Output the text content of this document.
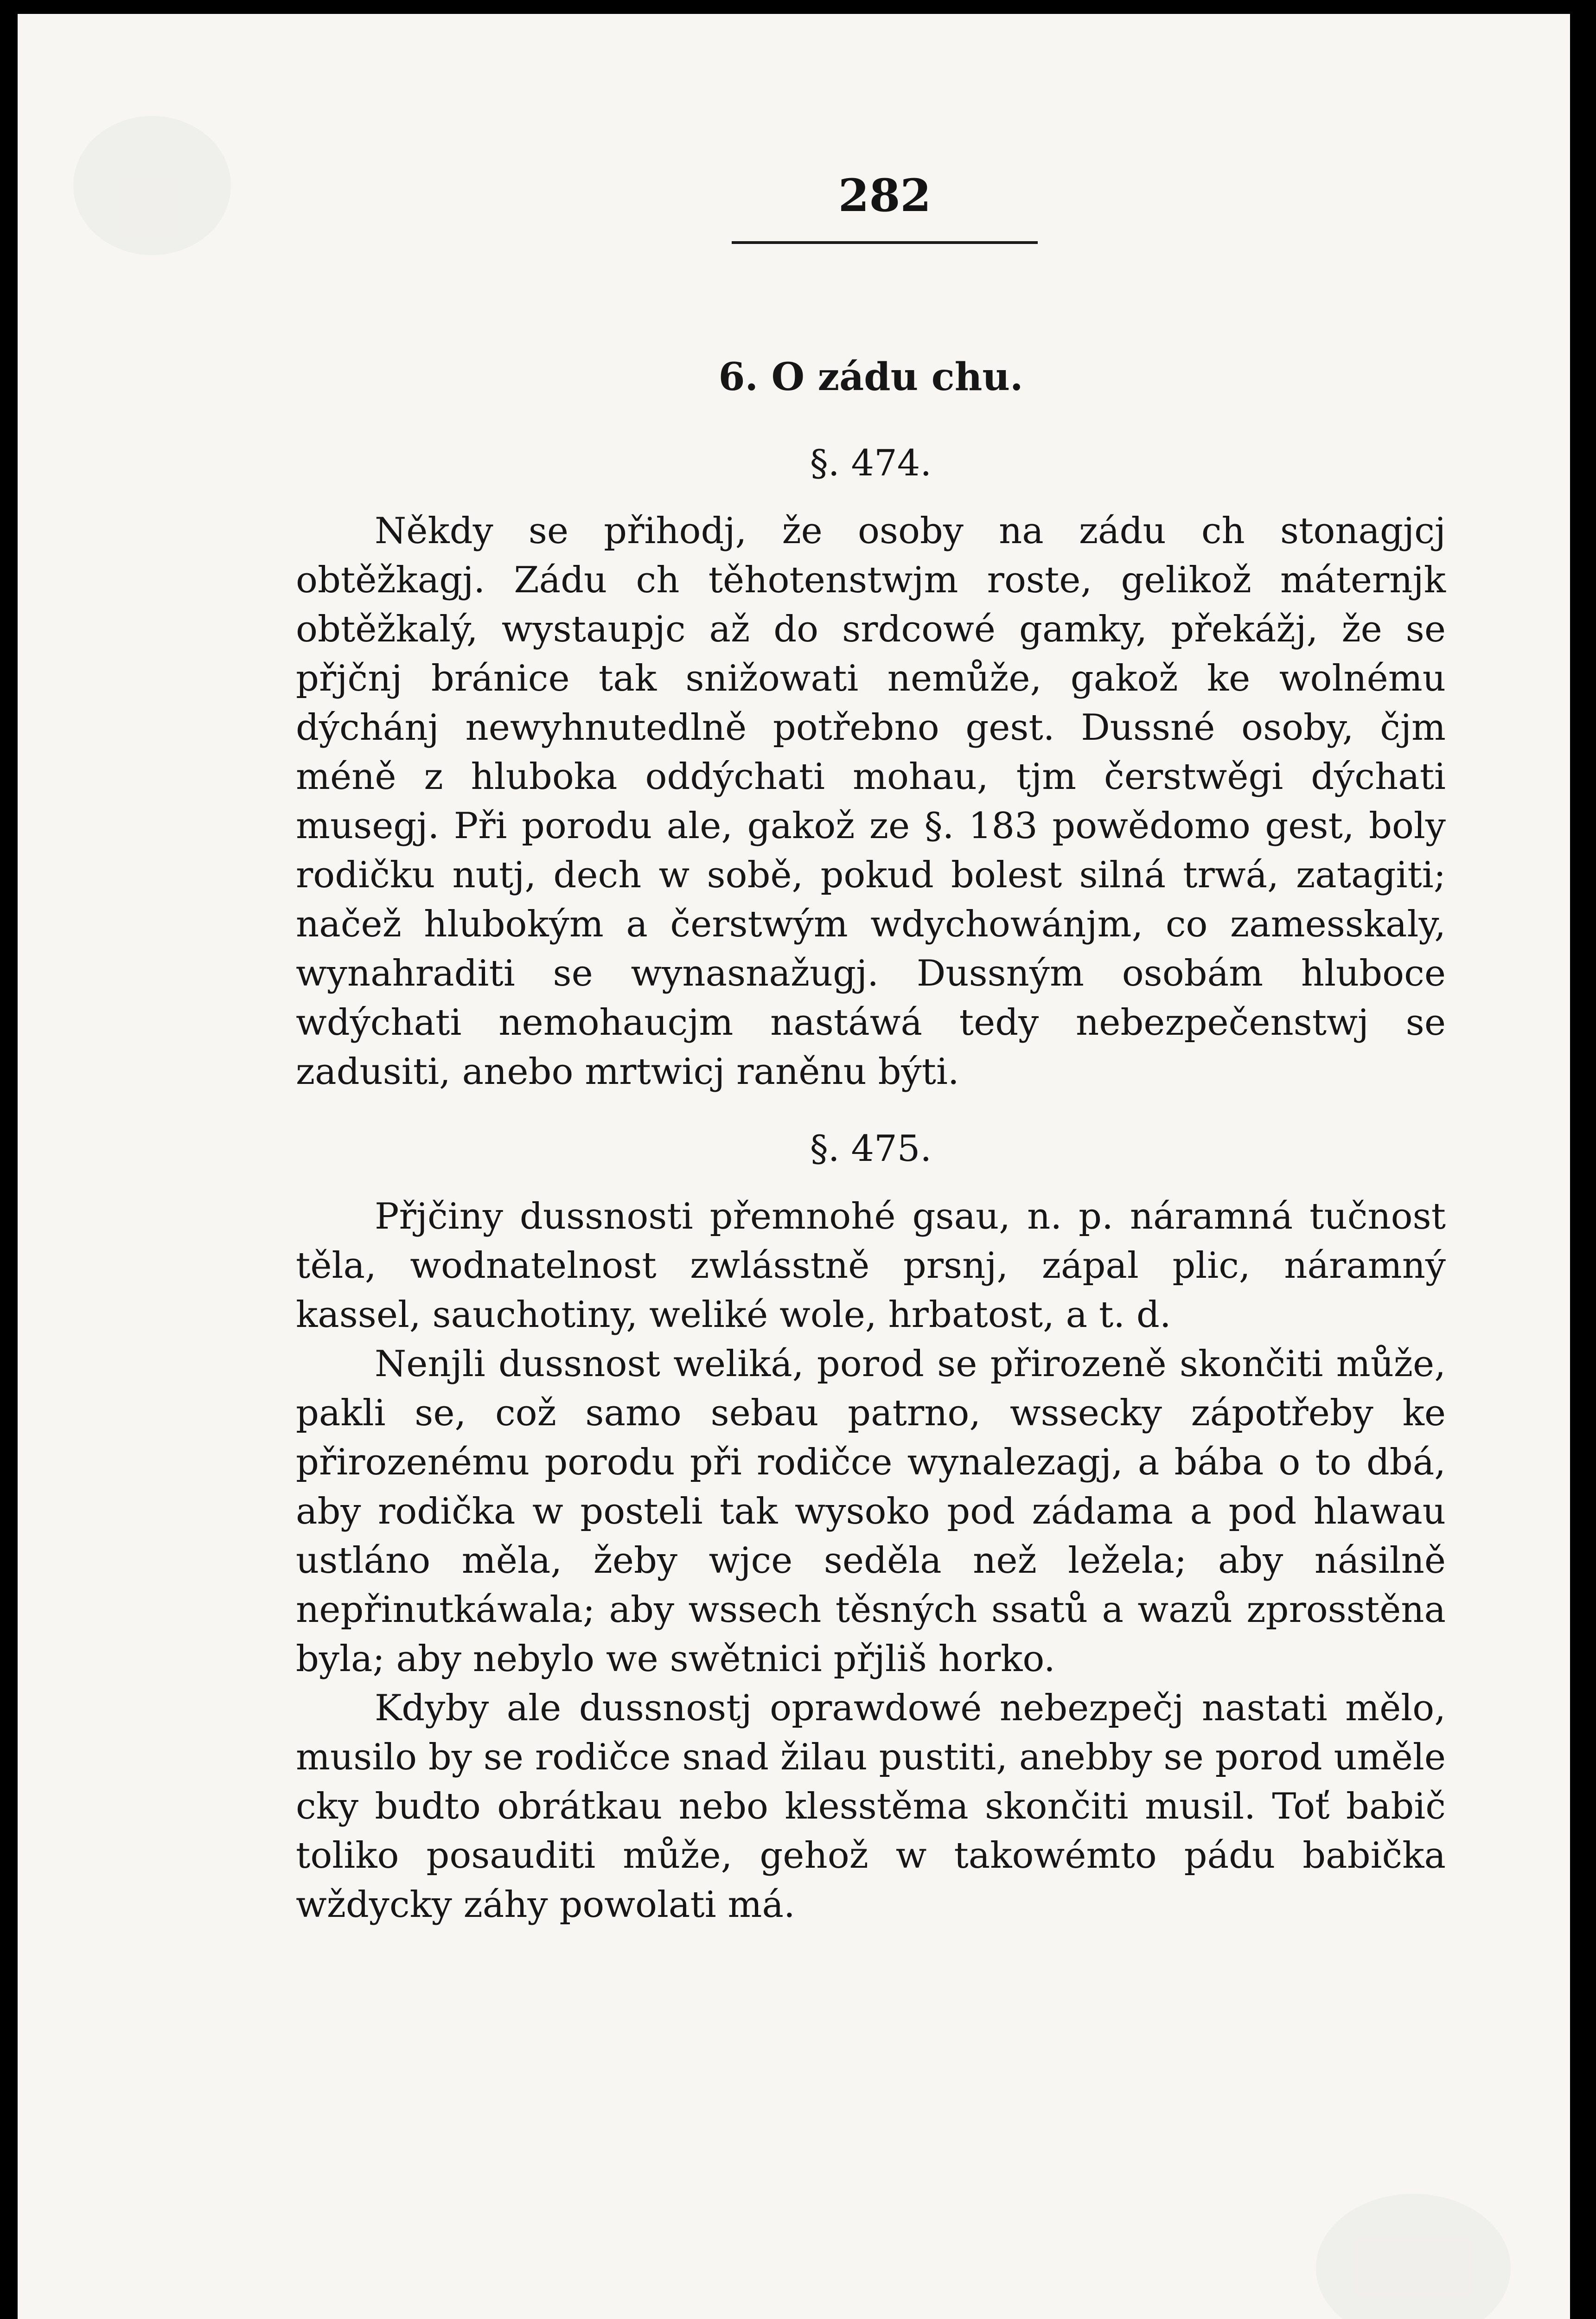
282
6. O zádu chu.
§. 474.

Někdy se přihodj, že osoby na zádu ch stonagjcj obtěžkagj. Zádu ch těhotenstwjm roste, gelikož máternjk obtěžkalý, wystaupjc až do srdcowé gamky, překážj, že se přjčnj bránice tak snižowati nemůže, gakož ke wolnému dýchánj newyhnutedlně potřebno gest. Dussné osoby, čjm méně z hluboka oddýchati mohau, tjm čerstwěgi dýchati musegj. Při porodu ale, gakož ze §. 183 powědomo gest, boly rodičku nutj, dech w sobě, pokud bolest silná trwá, zatagiti; načež hlubokým a čerstwým wdychowánjm, co zamesskaly, wynahraditi se wynasnažugj. Dussným osobám hluboce wdýchati nemohaucjm nastáwá tedy nebezpečenstwj se zadusiti, anebo mrtwicj raněnu býti.

§. 475.

Přjčiny dussnosti přemnohé gsau, n. p. náramná tučnost těla, wodnatelnost zwlásstně prsnj, zápal plic, náramný kassel, sauchotiny, weliké wole, hrbatost, a t. d.

Nenjli dussnost weliká, porod se přirozeně skončiti může, pakli se, což samo sebau patrno, wssecky zápotřeby ke přirozenému porodu při rodičce wynalezagj, a bába o to dbá, aby rodička w posteli tak wysoko pod zádama a pod hlawau ustláno měla, žeby wjce seděla než ležela; aby násilně nepřinutkáwala; aby wssech těsných ssatů a wazů zprosstěna byla; aby nebylo we swětnici přjliš horko.

Kdyby ale dussnostj oprawdowé nebezpečj nastati mělo, musilo by se rodičce snad žilau pustiti, anebby se porod uměle cky budto obrátkau nebo klesstěma skončiti musil. Toť babič toliko posauditi může, gehož w takowémto pádu babička wždycky záhy powolati má.
